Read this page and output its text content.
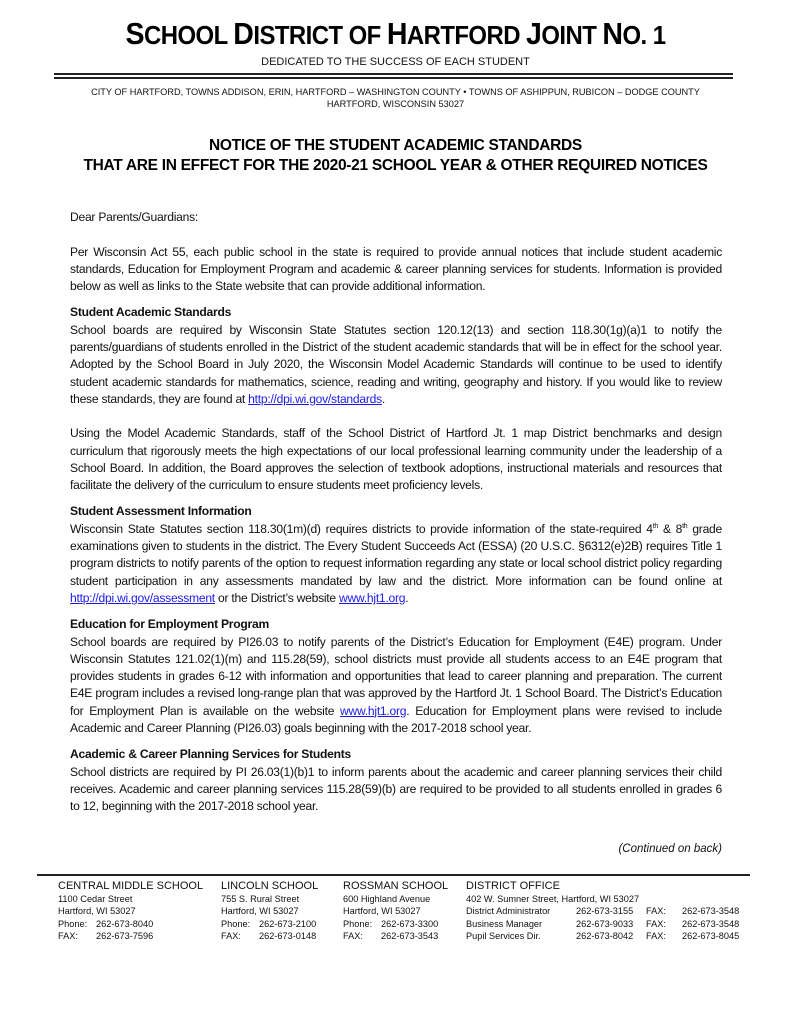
SCHOOL DISTRICT OF HARTFORD JOINT NO. 1
DEDICATED TO THE SUCCESS OF EACH STUDENT
CITY OF HARTFORD, TOWNS ADDISON, ERIN, HARTFORD – WASHINGTON COUNTY • TOWNS OF ASHIPPUN, RUBICON – DODGE COUNTY
HARTFORD, WISCONSIN 53027
NOTICE OF THE STUDENT ACADEMIC STANDARDS
THAT ARE IN EFFECT FOR THE 2020-21 SCHOOL YEAR & OTHER REQUIRED NOTICES

Dear Parents/Guardians:

Per Wisconsin Act 55, each public school in the state is required to provide annual notices that include student academic standards, Education for Employment Program and academic & career planning services for students. Information is provided below as well as links to the State website that can provide additional information.

Student Academic Standards

School boards are required by Wisconsin State Statutes section 120.12(13) and section 118.30(1g)(a)1 to notify the parents/guardians of students enrolled in the District of the student academic standards that will be in effect for the school year. Adopted by the School Board in July 2020, the Wisconsin Model Academic Standards will continue to be used to identify student academic standards for mathematics, science, reading and writing, geography and history. If you would like to review these standards, they are found at http://dpi.wi.gov/standards.

Using the Model Academic Standards, staff of the School District of Hartford Jt. 1 map District benchmarks and design curriculum that rigorously meets the high expectations of our local professional learning community under the leadership of a School Board. In addition, the Board approves the selection of textbook adoptions, instructional materials and resources that facilitate the delivery of the curriculum to ensure students meet proficiency levels.

Student Assessment Information

Wisconsin State Statutes section 118.30(1m)(d) requires districts to provide information of the state-required 4th & 8th grade examinations given to students in the district. The Every Student Succeeds Act (ESSA) (20 U.S.C. §6312(e)2B) requires Title 1 program districts to notify parents of the option to request information regarding any state or local school district policy regarding student participation in any assessments mandated by law and the district. More information can be found online at http://dpi.wi.gov/assessment or the District’s website www.hjt1.org.

Education for Employment Program

School boards are required by PI26.03 to notify parents of the District’s Education for Employment (E4E) program. Under Wisconsin Statutes 121.02(1)(m) and 115.28(59), school districts must provide all students access to an E4E program that provides students in grades 6-12 with information and opportunities that lead to career planning and preparation. The current E4E program includes a revised long-range plan that was approved by the Hartford Jt. 1 School Board. The District’s Education for Employment Plan is available on the website www.hjt1.org. Education for Employment plans were revised to include Academic and Career Planning (PI26.03) goals beginning with the 2017-2018 school year.

Academic & Career Planning Services for Students

School districts are required by PI 26.03(1)(b)1 to inform parents about the academic and career planning services their child receives. Academic and career planning services 115.28(59)(b) are required to be provided to all students enrolled in grades 6 to 12, beginning with the 2017-2018 school year.

(Continued on back)
CENTRAL MIDDLE SCHOOL
1100 Cedar Street
Hartford, WI 53027
Phone: 262-673-8040
FAX:	262-673-7596
LINCOLN SCHOOL
755 S. Rural Street
Hartford, WI 53027
Phone: 262-673-2100
FAX:	262-673-0148
ROSSMAN SCHOOL
600 Highland Avenue
Hartford, WI 53027
Phone: 262-673-3300
FAX:	262-673-3543
DISTRICT OFFICE
402 W. Sumner Street, Hartford, WI 53027
District Administrator	262-673-3155	FAX:	262-673-3548
Business Manager	262-673-9033	FAX:	262-673-3548
Pupil Services Dir.	262-673-8042	FAX:	262-673-8045
